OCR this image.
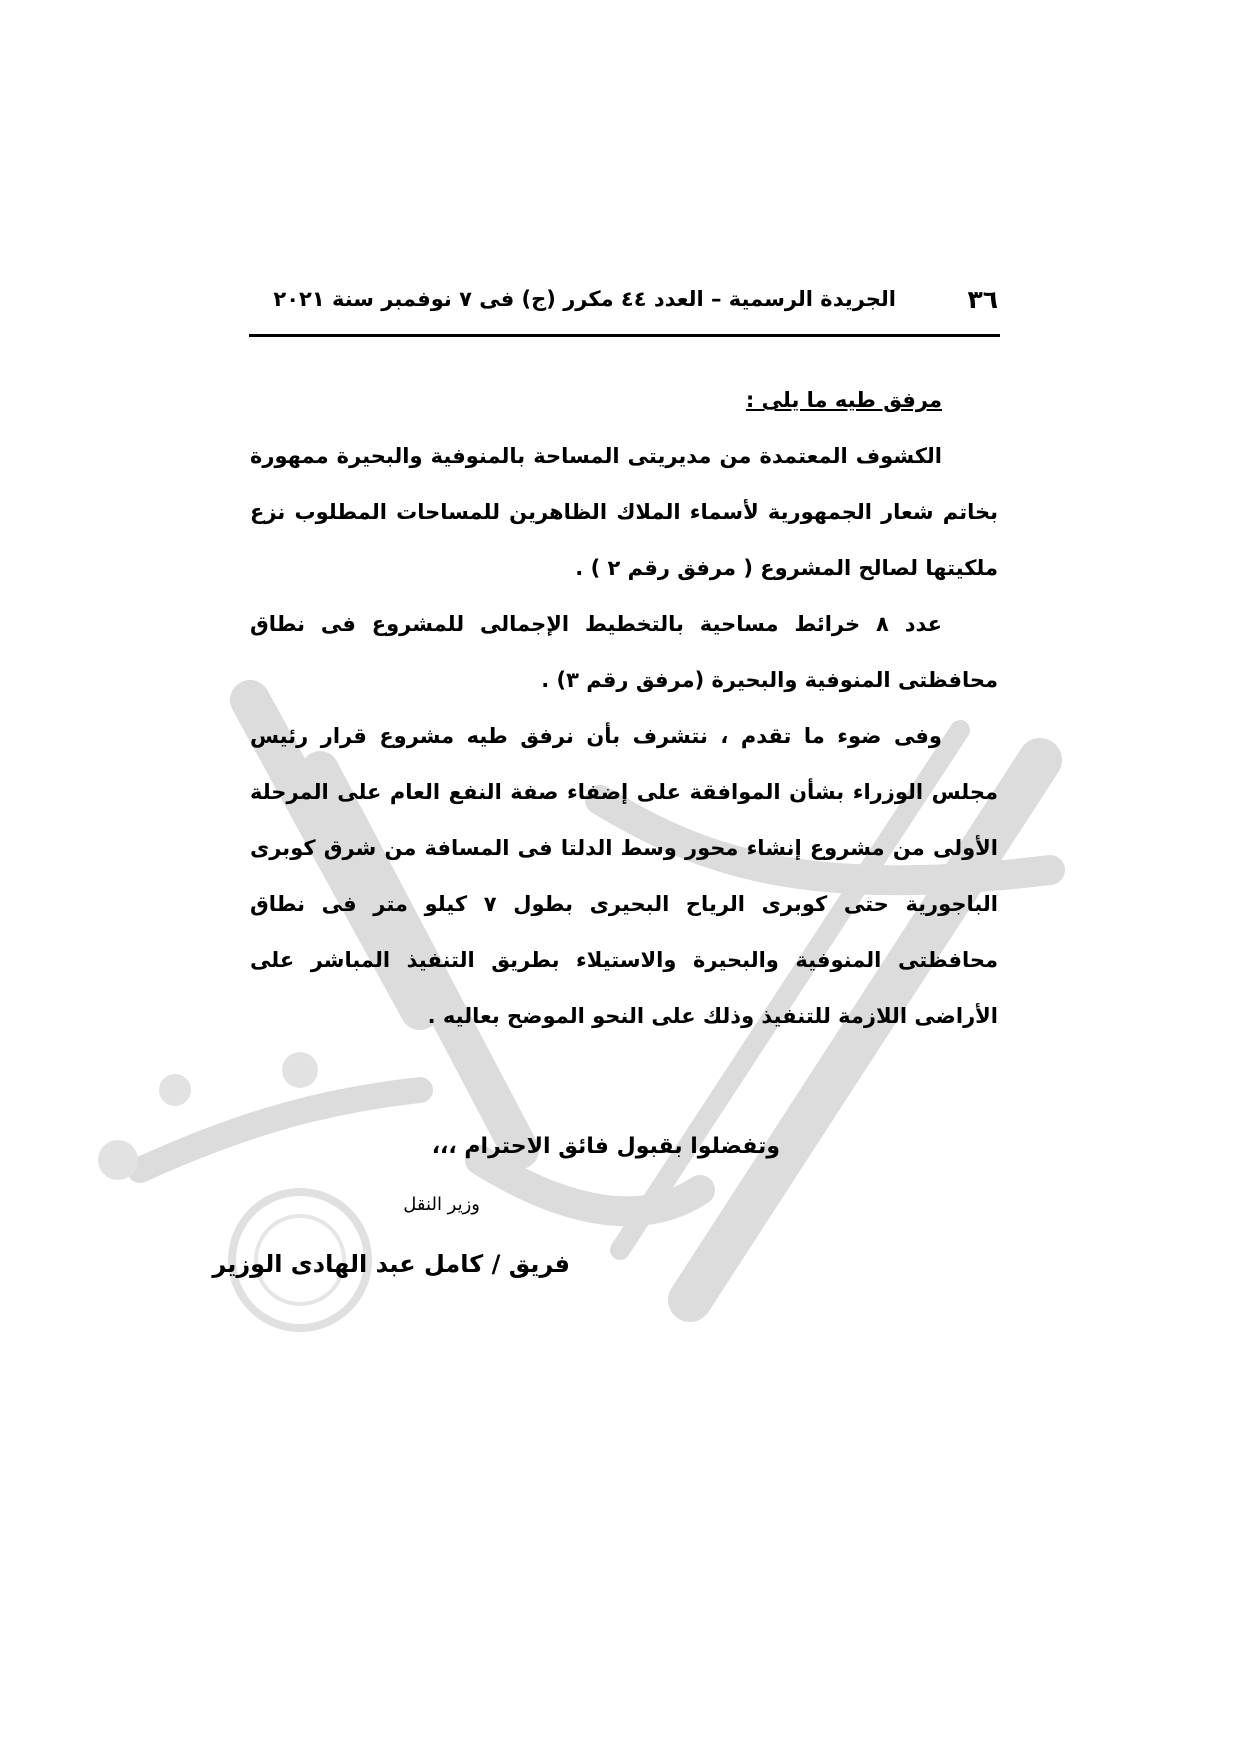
٣٦
الجريدة الرسمية – العدد ٤٤ مكرر (ج) فى ٧ نوفمبر سنة ٢٠٢١

مرفق طيه ما يلى :

الكشوف المعتمدة من مديريتى المساحة بالمنوفية والبحيرة ممهورة بخاتم شعار الجمهورية لأسماء الملاك الظاهرين للمساحات المطلوب نزع ملكيتها لصالح المشروع ( مرفق رقم ٢ ) .

عدد ٨ خرائط مساحية بالتخطيط الإجمالى للمشروع فى نطاق محافظتى المنوفية والبحيرة (مرفق رقم ٣) .

وفى ضوء ما تقدم ، نتشرف بأن نرفق طيه مشروع قرار رئيس مجلس الوزراء بشأن الموافقة على إضفاء صفة النفع العام على المرحلة الأولى من مشروع إنشاء محور وسط الدلتا فى المسافة من شرق كوبرى الباجورية حتى كوبرى الرياح البحيرى بطول ٧ كيلو متر فى نطاق محافظتى المنوفية والبحيرة والاستيلاء بطريق التنفيذ المباشر على الأراضى اللازمة للتنفيذ وذلك على النحو الموضح بعاليه .

وتفضلوا بقبول فائق الاحترام ،،،
وزير النقل
فريق / كامل عبد الهادى الوزير
